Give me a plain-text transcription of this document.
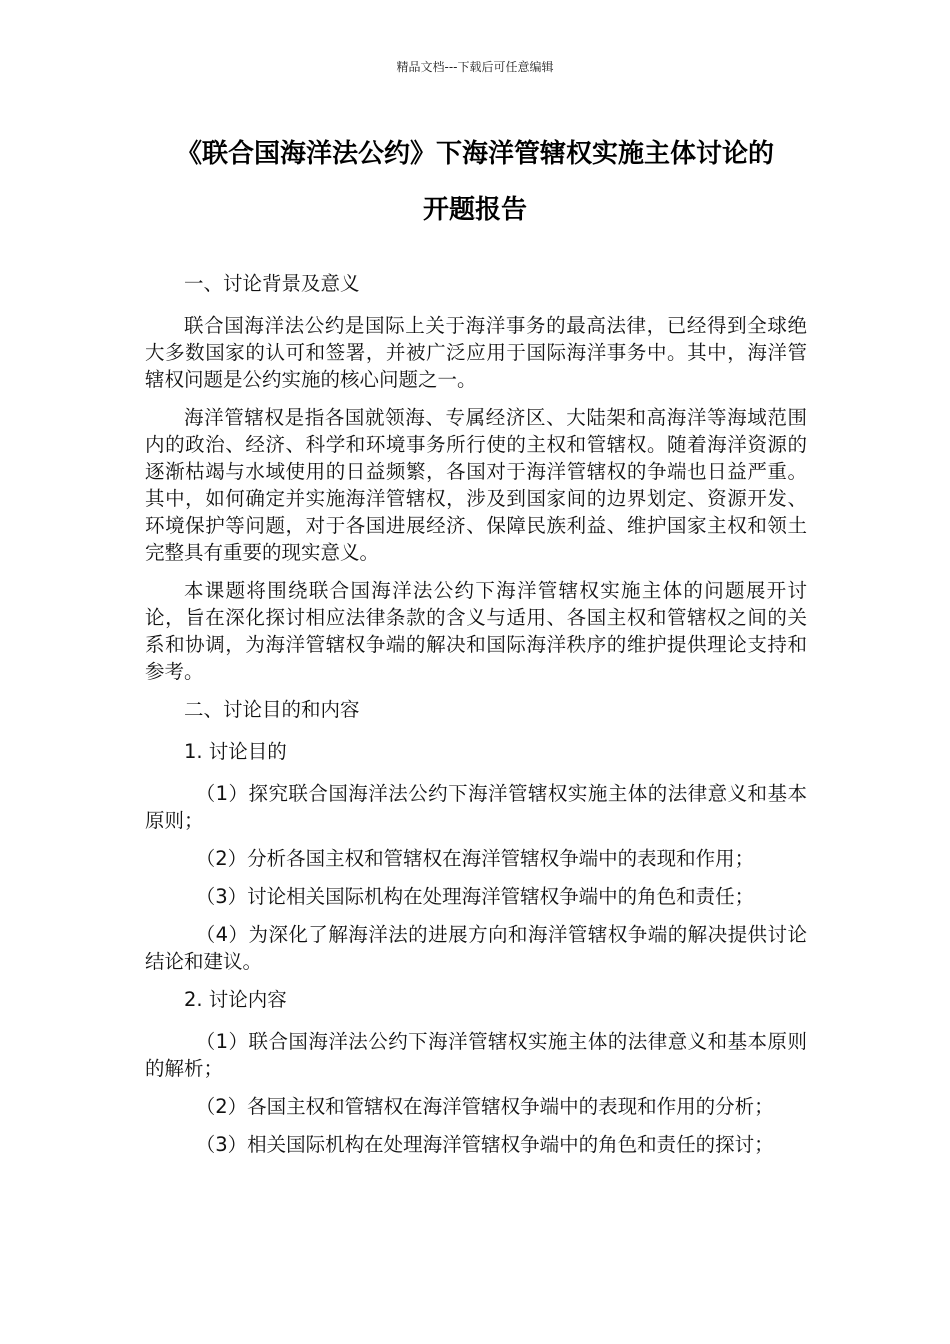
精品文档---下载后可任意编辑
《联合国海洋法公约》下海洋管辖权实施主体讨论的
开题报告

一、讨论背景及意义

联合国海洋法公约是国际上关于海洋事务的最高法律，已经得到全球绝大多数国家的认可和签署，并被广泛应用于国际海洋事务中。其中，海洋管辖权问题是公约实施的核心问题之一。

海洋管辖权是指各国就领海、专属经济区、大陆架和高海洋等海域范围内的政治、经济、科学和环境事务所行使的主权和管辖权。随着海洋资源的逐渐枯竭与水域使用的日益频繁，各国对于海洋管辖权的争端也日益严重。其中，如何确定并实施海洋管辖权，涉及到国家间的边界划定、资源开发、环境保护等问题，对于各国进展经济、保障民族利益、维护国家主权和领土完整具有重要的现实意义。

本课题将围绕联合国海洋法公约下海洋管辖权实施主体的问题展开讨论，旨在深化探讨相应法律条款的含义与适用、各国主权和管辖权之间的关系和协调，为海洋管辖权争端的解决和国际海洋秩序的维护提供理论支持和参考。

二、讨论目的和内容

1. 讨论目的

（1）探究联合国海洋法公约下海洋管辖权实施主体的法律意义和基本原则；

（2）分析各国主权和管辖权在海洋管辖权争端中的表现和作用；

（3）讨论相关国际机构在处理海洋管辖权争端中的角色和责任；

（4）为深化了解海洋法的进展方向和海洋管辖权争端的解决提供讨论结论和建议。

2. 讨论内容

（1）联合国海洋法公约下海洋管辖权实施主体的法律意义和基本原则的解析；

（2）各国主权和管辖权在海洋管辖权争端中的表现和作用的分析；

（3）相关国际机构在处理海洋管辖权争端中的角色和责任的探讨；
